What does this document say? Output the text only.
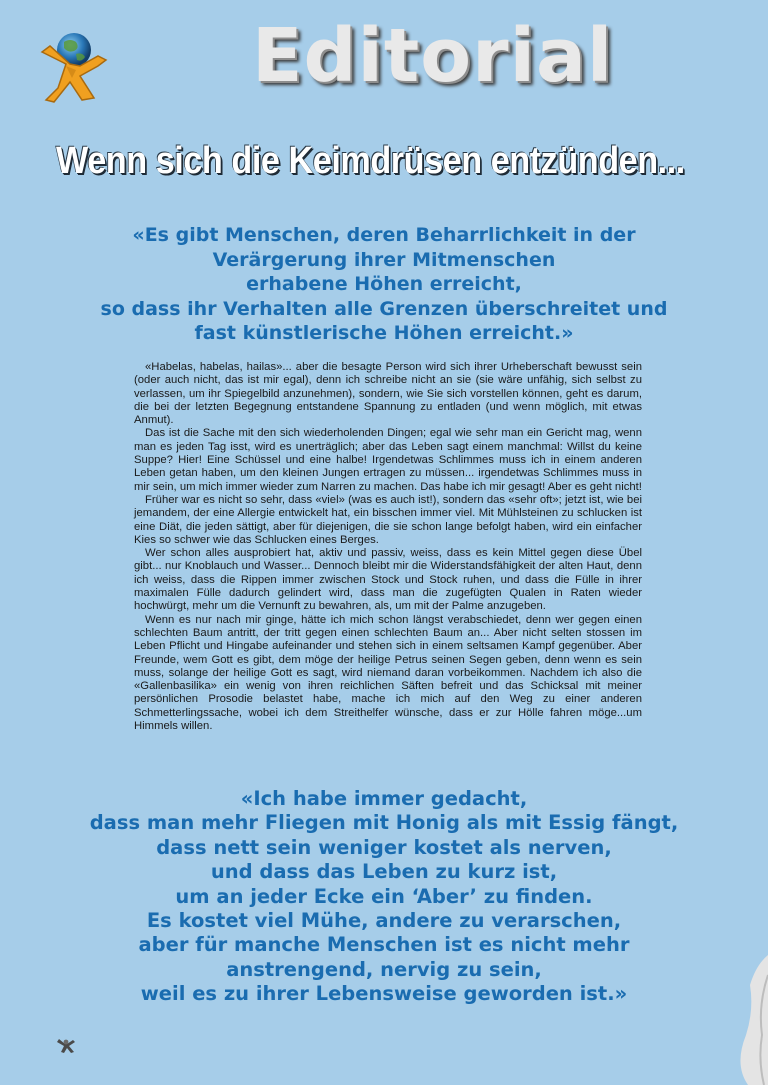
Editorial
Wenn sich die Keimdrüsen entzünden...
«Es gibt Menschen, deren Beharrlichkeit in der
Verärgerung ihrer Mitmenschen
erhabene Höhen erreicht,
so dass ihr Verhalten alle Grenzen überschreitet und
fast künstlerische Höhen erreicht.»

«Habelas, habelas, hailas»... aber die besagte Person wird sich ihrer Urheberschaft bewusst sein (oder auch nicht, das ist mir egal), denn ich schreibe nicht an sie (sie wäre unfähig, sich selbst zu verlassen, um ihr Spiegelbild anzunehmen), sondern, wie Sie sich vorstellen können, geht es darum, die bei der letzten Begegnung entstandene Spannung zu entladen (und wenn möglich, mit etwas Anmut).

Das ist die Sache mit den sich wiederholenden Dingen; egal wie sehr man ein Gericht mag, wenn man es jeden Tag isst, wird es unerträglich; aber das Leben sagt einem manchmal: Willst du keine Suppe? Hier! Eine Schüssel und eine halbe! Irgendetwas Schlimmes muss ich in einem anderen Leben getan haben, um den kleinen Jungen ertragen zu müssen... irgendetwas Schlimmes muss in mir sein, um mich immer wieder zum Narren zu machen. Das habe ich mir gesagt! Aber es geht nicht!

Früher war es nicht so sehr, dass «viel» (was es auch ist!), sondern das «sehr oft»; jetzt ist, wie bei jemandem, der eine Allergie entwickelt hat, ein bisschen immer viel. Mit Mühlsteinen zu schlucken ist eine Diät, die jeden sättigt, aber für diejenigen, die sie schon lange befolgt haben, wird ein einfacher Kies so schwer wie das Schlucken eines Berges.

Wer schon alles ausprobiert hat, aktiv und passiv, weiss, dass es kein Mittel gegen diese Übel gibt... nur Knoblauch und Wasser... Dennoch bleibt mir die Widerstandsfähigkeit der alten Haut, denn ich weiss, dass die Rippen immer zwischen Stock und Stock ruhen, und dass die Fülle in ihrer maximalen Fülle dadurch gelindert wird, dass man die zugefügten Qualen in Raten wieder hochwürgt, mehr um die Vernunft zu bewahren, als, um mit der Palme anzugeben.

Wenn es nur nach mir ginge, hätte ich mich schon längst verabschiedet, denn wer gegen einen schlechten Baum antritt, der tritt gegen einen schlechten Baum an... Aber nicht selten stossen im Leben Pflicht und Hingabe aufeinander und stehen sich in einem seltsamen Kampf gegenüber. Aber Freunde, wem Gott es gibt, dem möge der heilige Petrus seinen Segen geben, denn wenn es sein muss, solange der heilige Gott es sagt, wird niemand daran vorbeikommen. Nachdem ich also die «Gallenbasilika» ein wenig von ihren reichlichen Säften befreit und das Schicksal mit meiner persönlichen Prosodie belastet habe, mache ich mich auf den Weg zu einer anderen Schmetterlingssache, wobei ich dem Streithelfer wünsche, dass er zur Hölle fahren möge...um Himmels willen.

«Ich habe immer gedacht,
dass man mehr Fliegen mit Honig als mit Essig fängt,
dass nett sein weniger kostet als nerven,
und dass das Leben zu kurz ist,
um an jeder Ecke ein ‘Aber’ zu finden.
Es kostet viel Mühe, andere zu verarschen,
aber für manche Menschen ist es nicht mehr
anstrengend, nervig zu sein,
weil es zu ihrer Lebensweise geworden ist.»
